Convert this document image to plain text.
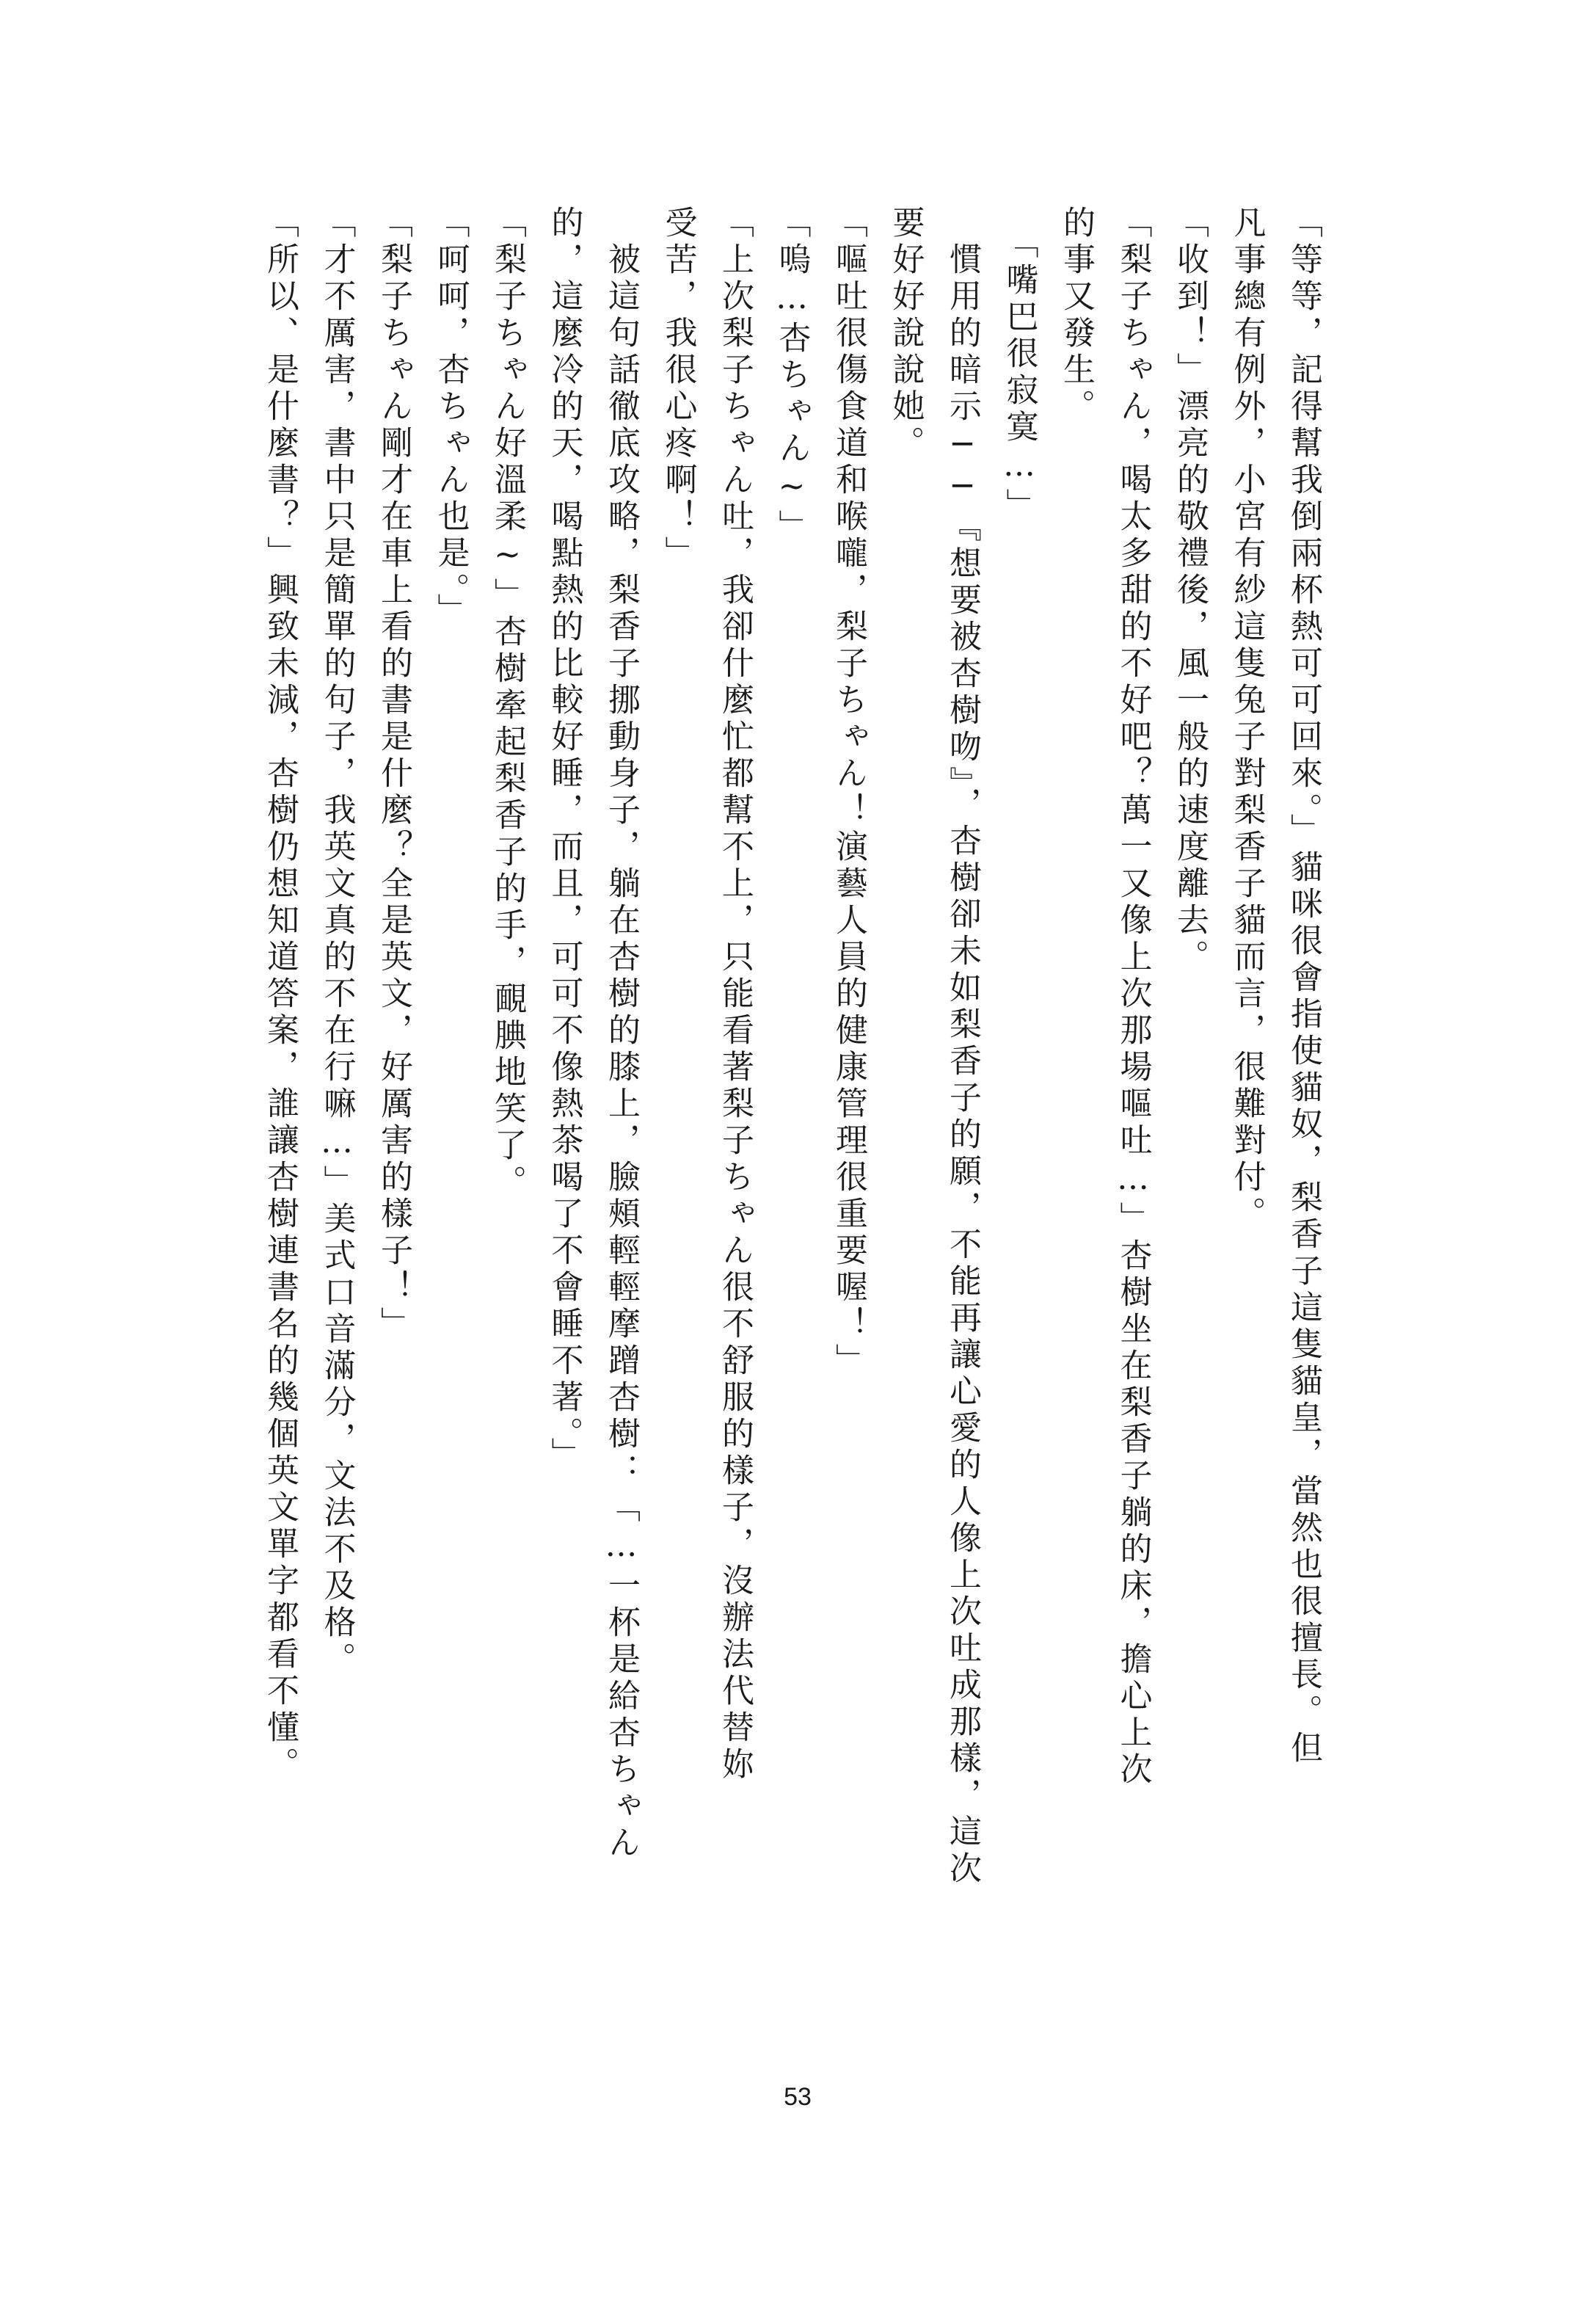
「等等，記得幫我倒兩杯熱可可回來。」貓咪很會指使貓奴，梨香子這隻貓皇，當然也很擅長。但
凡事總有例外，小宮有紗這隻兔子對梨香子貓而言，很難對付。
「收到！」漂亮的敬禮後，風一般的速度離去。
「梨子ちゃん，喝太多甜的不好吧？萬一又像上次那場嘔吐…」杏樹坐在梨香子躺的床，擔心上次
的事又發生。
　「嘴巴很寂寞…」
　慣用的暗示──『想要被杏樹吻』，杏樹卻未如梨香子的願，不能再讓心愛的人像上次吐成那樣，這次
要好好說說她。
「嘔吐很傷食道和喉嚨，梨子ちゃん！演藝人員的健康管理很重要喔！」
「嗚…杏ちゃん~」
「上次梨子ちゃん吐，我卻什麼忙都幫不上，只能看著梨子ちゃん很不舒服的樣子，沒辦法代替妳
受苦，我很心疼啊！」
　被這句話徹底攻略，梨香子挪動身子，躺在杏樹的膝上，臉頰輕輕摩蹭杏樹：「…一杯是給杏ちゃん
的，這麼冷的天，喝點熱的比較好睡，而且，可可不像熱茶喝了不會睡不著。」
「梨子ちゃん好溫柔~」杏樹牽起梨香子的手，靦腆地笑了。
「呵呵，杏ちゃん也是。」
「梨子ちゃん剛才在車上看的書是什麼？全是英文，好厲害的樣子！」
「才不厲害，書中只是簡單的句子，我英文真的不在行嘛…」美式口音滿分，文法不及格。
「所以、是什麼書？」興致未減，杏樹仍想知道答案，誰讓杏樹連書名的幾個英文單字都看不懂。
53
